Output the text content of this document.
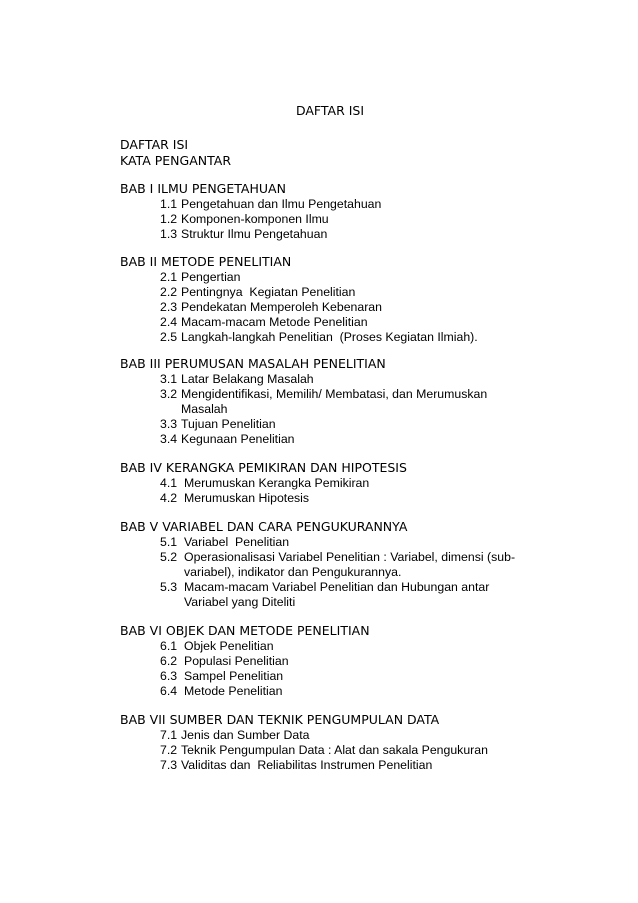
DAFTAR ISI
DAFTAR ISI
KATA PENGANTAR
BAB I ILMU PENGETAHUAN
1.1 Pengetahuan dan Ilmu Pengetahuan
1.2 Komponen-komponen Ilmu
1.3 Struktur Ilmu Pengetahuan
BAB II METODE PENELITIAN
2.1 Pengertian
2.2 Pentingnya  Kegiatan Penelitian
2.3 Pendekatan Memperoleh Kebenaran
2.4 Macam-macam Metode Penelitian
2.5 Langkah-langkah Penelitian  (Proses Kegiatan Ilmiah).
BAB III PERUMUSAN MASALAH PENELITIAN
3.1 Latar Belakang Masalah
3.2 Mengidentifikasi, Memilih/ Membatasi, dan Merumuskan Masalah
3.3 Tujuan Penelitian
3.4 Kegunaan Penelitian
BAB IV KERANGKA PEMIKIRAN DAN HIPOTESIS
4.1 Merumuskan Kerangka Pemikiran
4.2 Merumuskan Hipotesis
BAB V VARIABEL DAN CARA PENGUKURANNYA
5.1 Variabel  Penelitian
5.2 Operasionalisasi Variabel Penelitian : Variabel, dimensi (sub-variabel), indikator dan Pengukurannya.
5.3 Macam-macam Variabel Penelitian dan Hubungan antar Variabel yang Diteliti
BAB VI OBJEK DAN METODE PENELITIAN
6.1 Objek Penelitian
6.2 Populasi Penelitian
6.3 Sampel Penelitian
6.4 Metode Penelitian
BAB VII SUMBER DAN TEKNIK PENGUMPULAN DATA
7.1 Jenis dan Sumber Data
7.2 Teknik Pengumpulan Data : Alat dan sakala Pengukuran
7.3 Validitas dan  Reliabilitas Instrumen Penelitian
